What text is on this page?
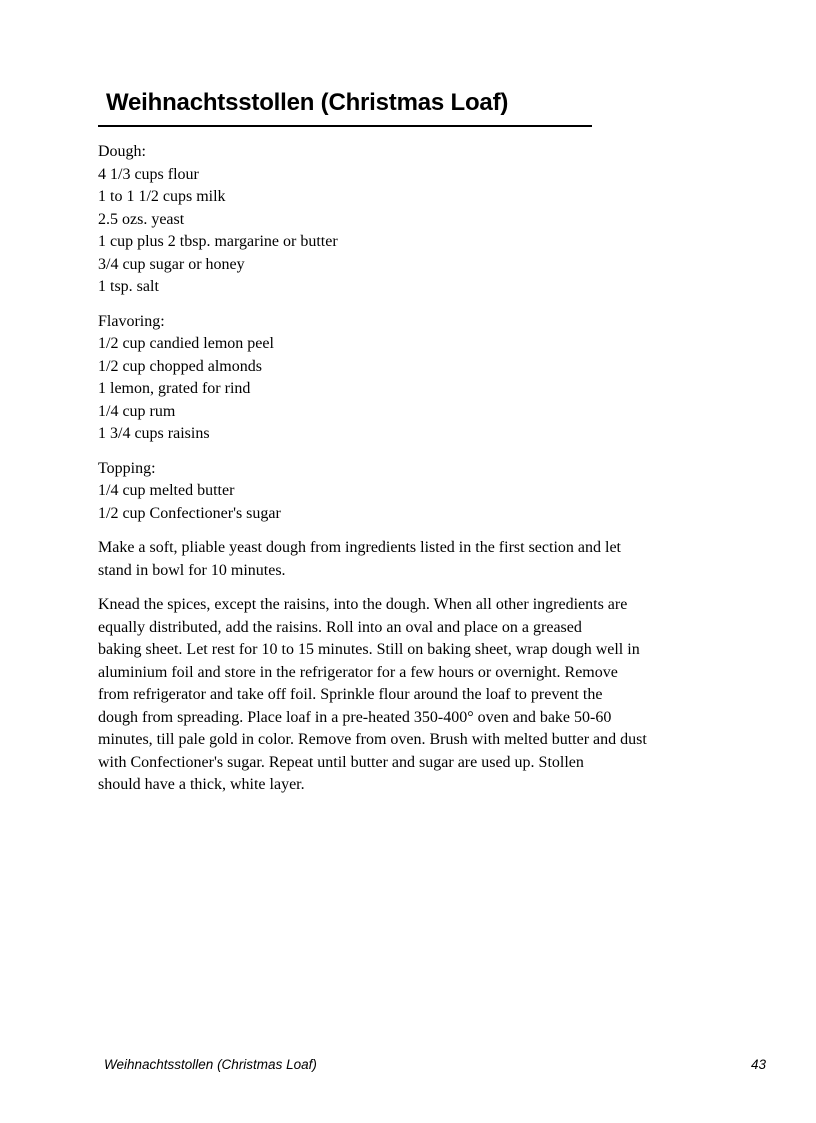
Weihnachtsstollen (Christmas Loaf)
Dough:
4 1/3 cups flour
1 to 1 1/2 cups milk
2.5 ozs. yeast
1 cup plus 2 tbsp. margarine or butter
3/4 cup sugar or honey
1 tsp. salt
Flavoring:
1/2 cup candied lemon peel
1/2 cup chopped almonds
1 lemon, grated for rind
1/4 cup rum
1 3/4 cups raisins
Topping:
1/4 cup melted butter
1/2 cup Confectioner's sugar
Make a soft, pliable yeast dough from ingredients listed in the first section and let
stand in bowl for 10 minutes.
Knead the spices, except the raisins, into the dough. When all other ingredients are
equally distributed, add the raisins. Roll into an oval and place on a greased
baking sheet. Let rest for 10 to 15 minutes. Still on baking sheet, wrap dough well in
aluminium foil and store in the refrigerator for a few hours or overnight. Remove
from refrigerator and take off foil. Sprinkle flour around the loaf to prevent the
dough from spreading. Place loaf in a pre-heated 350-400° oven and bake 50-60
minutes, till pale gold in color. Remove from oven. Brush with melted butter and dust
with Confectioner's sugar. Repeat until butter and sugar are used up. Stollen
should have a thick, white layer.
Weihnachtsstollen (Christmas Loaf)	43
